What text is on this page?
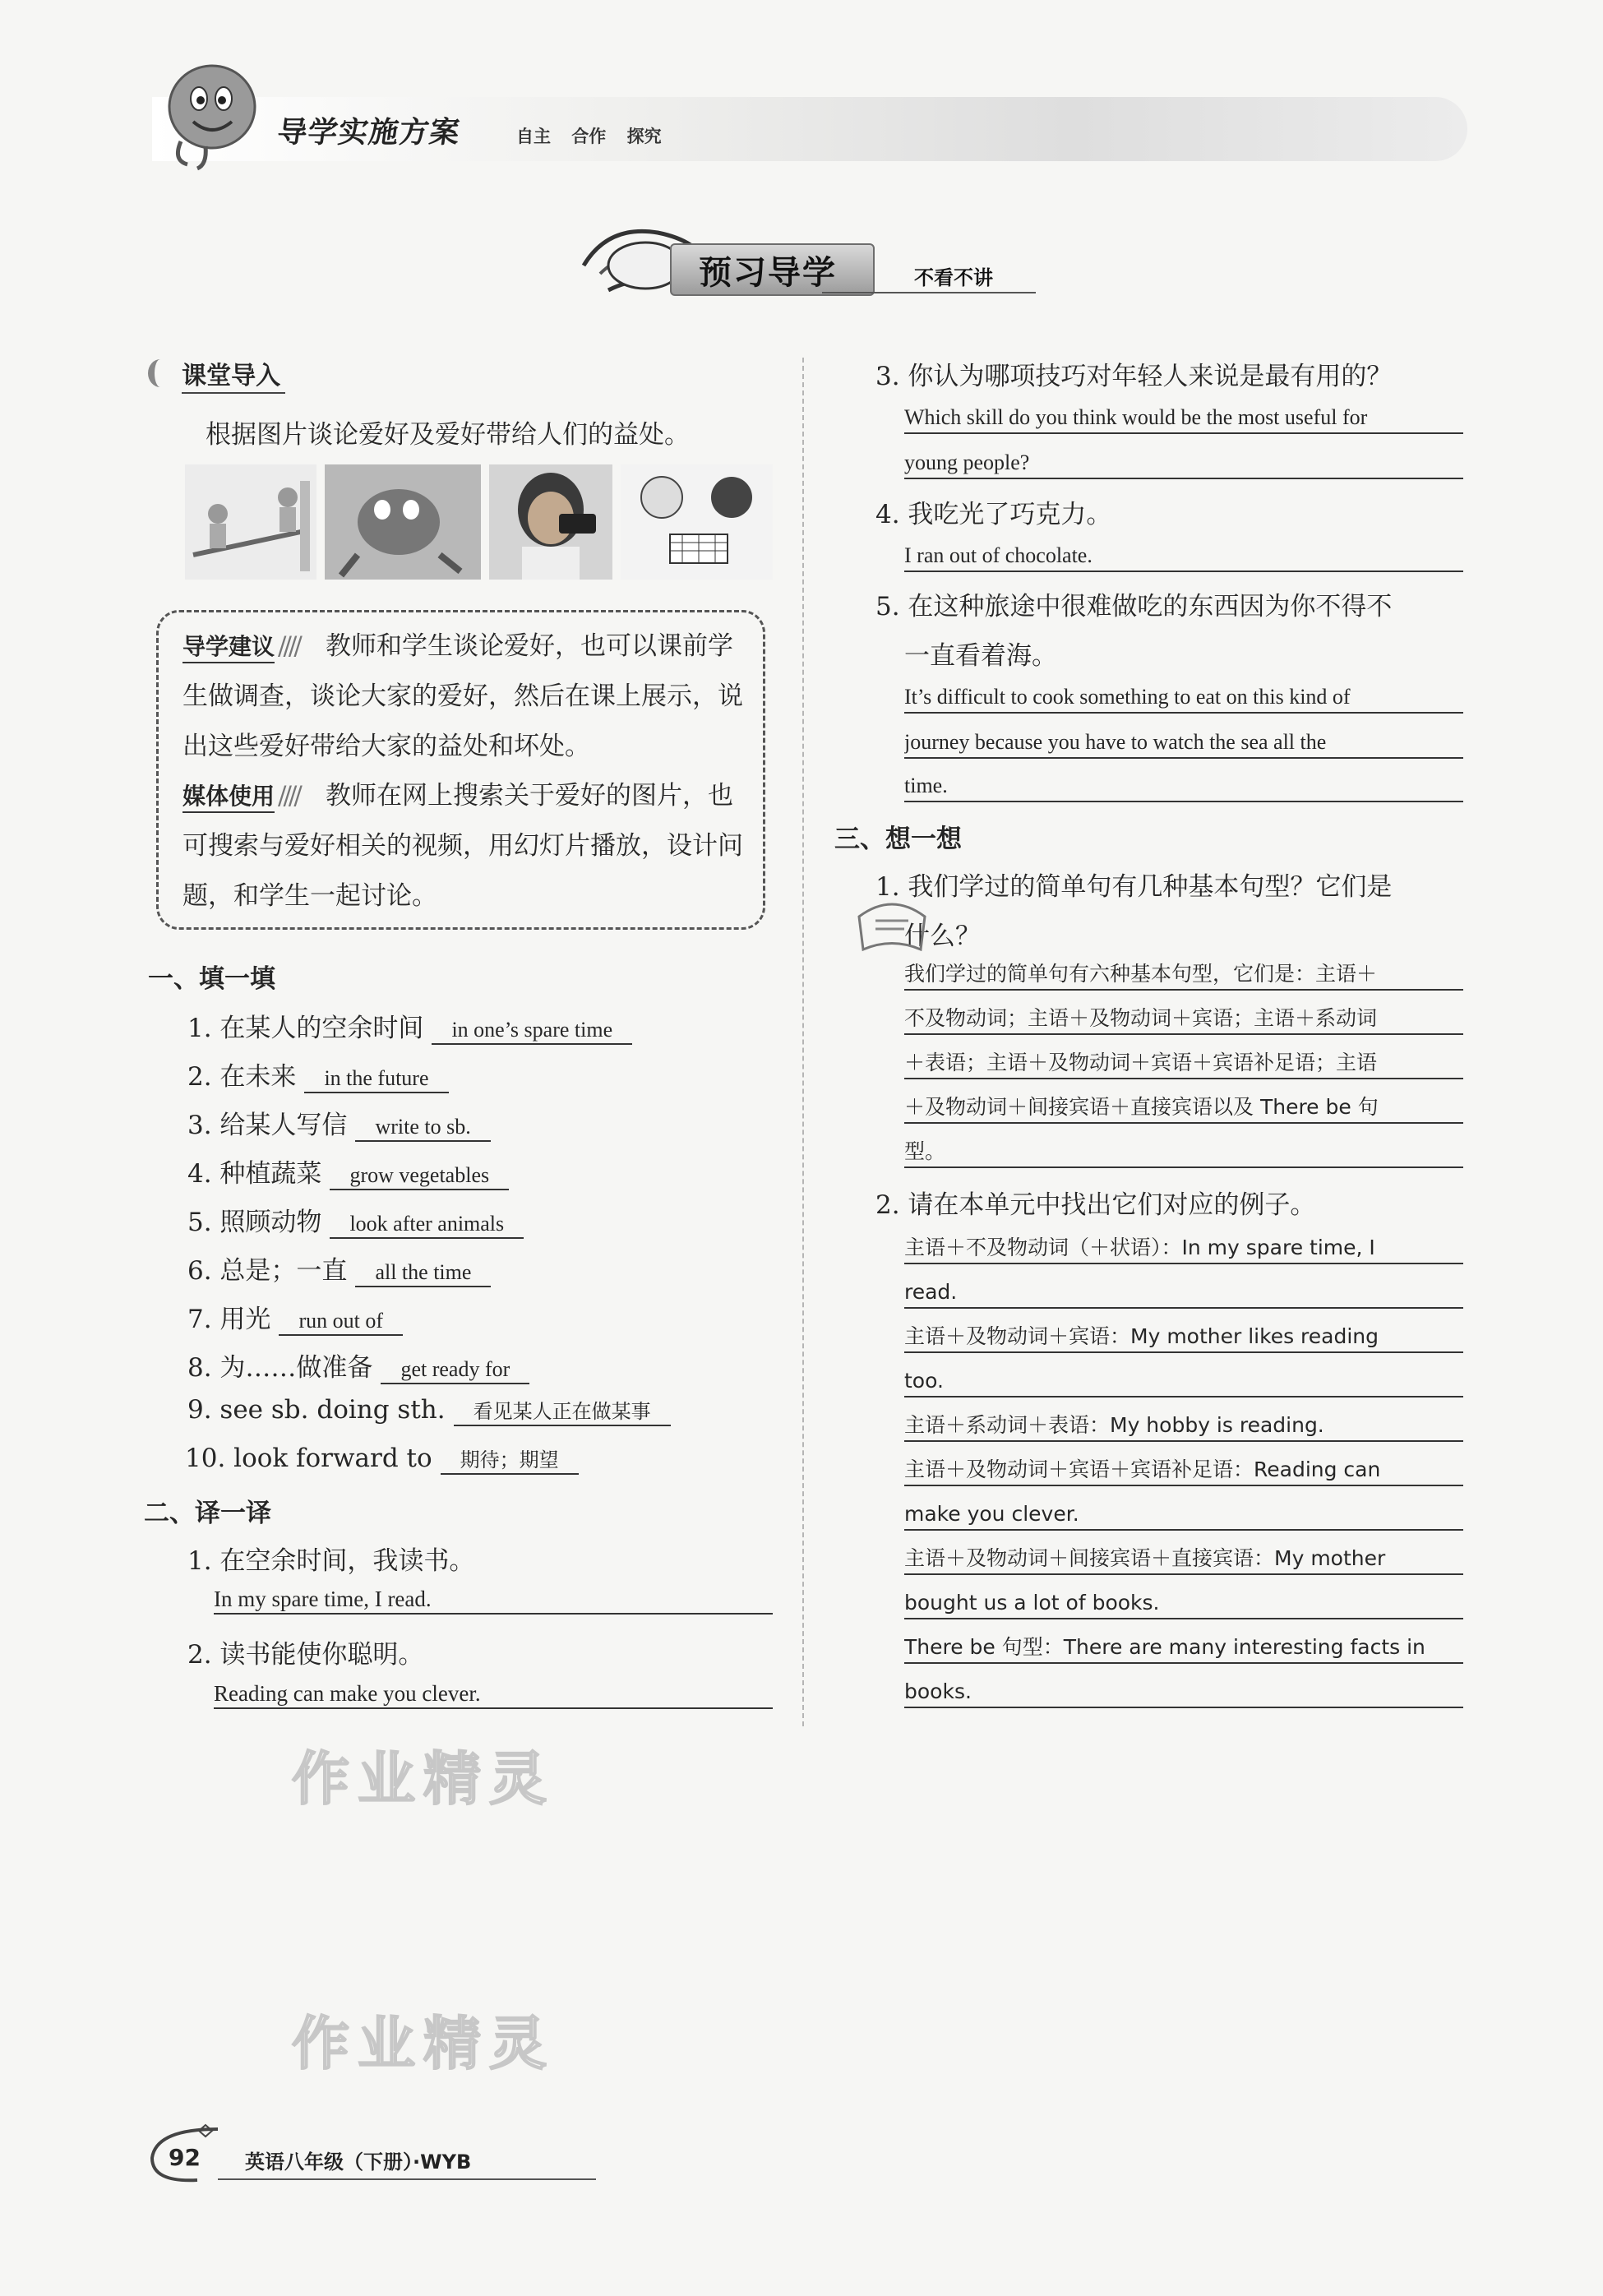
导学实施方案	自主 合作 探究
预习导学	不看不讲
课堂导入
根据图片谈论爱好及爱好带给人们的益处。
导学建议 //// 教师和学生谈论爱好，也可以课前学生做调查，谈论大家的爱好，然后在课上展示，说出这些爱好带给大家的益处和坏处。
媒体使用 //// 教师在网上搜索关于爱好的图片，也可搜索与爱好相关的视频，用幻灯片播放，设计问题，和学生一起讨论。
一、填一填
1. 在某人的空余时间 in one’s spare time
2. 在未来 in the future
3. 给某人写信 write to sb.
4. 种植蔬菜 grow vegetables
5. 照顾动物 look after animals
6. 总是；一直 all the time
7. 用光 run out of
8. 为……做准备 get ready for
9. see sb. doing sth. 看见某人正在做某事
10. look forward to 期待；期望
二、译一译
1. 在空余时间，我读书。
In my spare time, I read.
2. 读书能使你聪明。
Reading can make you clever.
作业精灵
作业精灵
3. 你认为哪项技巧对年轻人来说是最有用的？
Which skill do you think would be the most useful for
young people?
4. 我吃光了巧克力。
I ran out of chocolate.
5. 在这种旅途中很难做吃的东西因为你不得不
一直看着海。
It’s difficult to cook something to eat on this kind of
journey because you have to watch the sea all the
time.
三、想一想
1. 我们学过的简单句有几种基本句型？它们是
什么？
我们学过的简单句有六种基本句型，它们是：主语＋
不及物动词；主语＋及物动词＋宾语；主语＋系动词
＋表语；主语＋及物动词＋宾语＋宾语补足语；主语
＋及物动词＋间接宾语＋直接宾语以及 There be 句
型。
2. 请在本单元中找出它们对应的例子。
主语＋不及物动词（＋状语）：In my spare time, I
read.
主语＋及物动词＋宾语：My mother likes reading
too.
主语＋系动词＋表语：My hobby is reading.
主语＋及物动词＋宾语＋宾语补足语：Reading can
make you clever.
主语＋及物动词＋间接宾语＋直接宾语：My mother
bought us a lot of books.
There be 句型：There are many interesting facts in
books.
92 英语八年级（下册）·WYB
